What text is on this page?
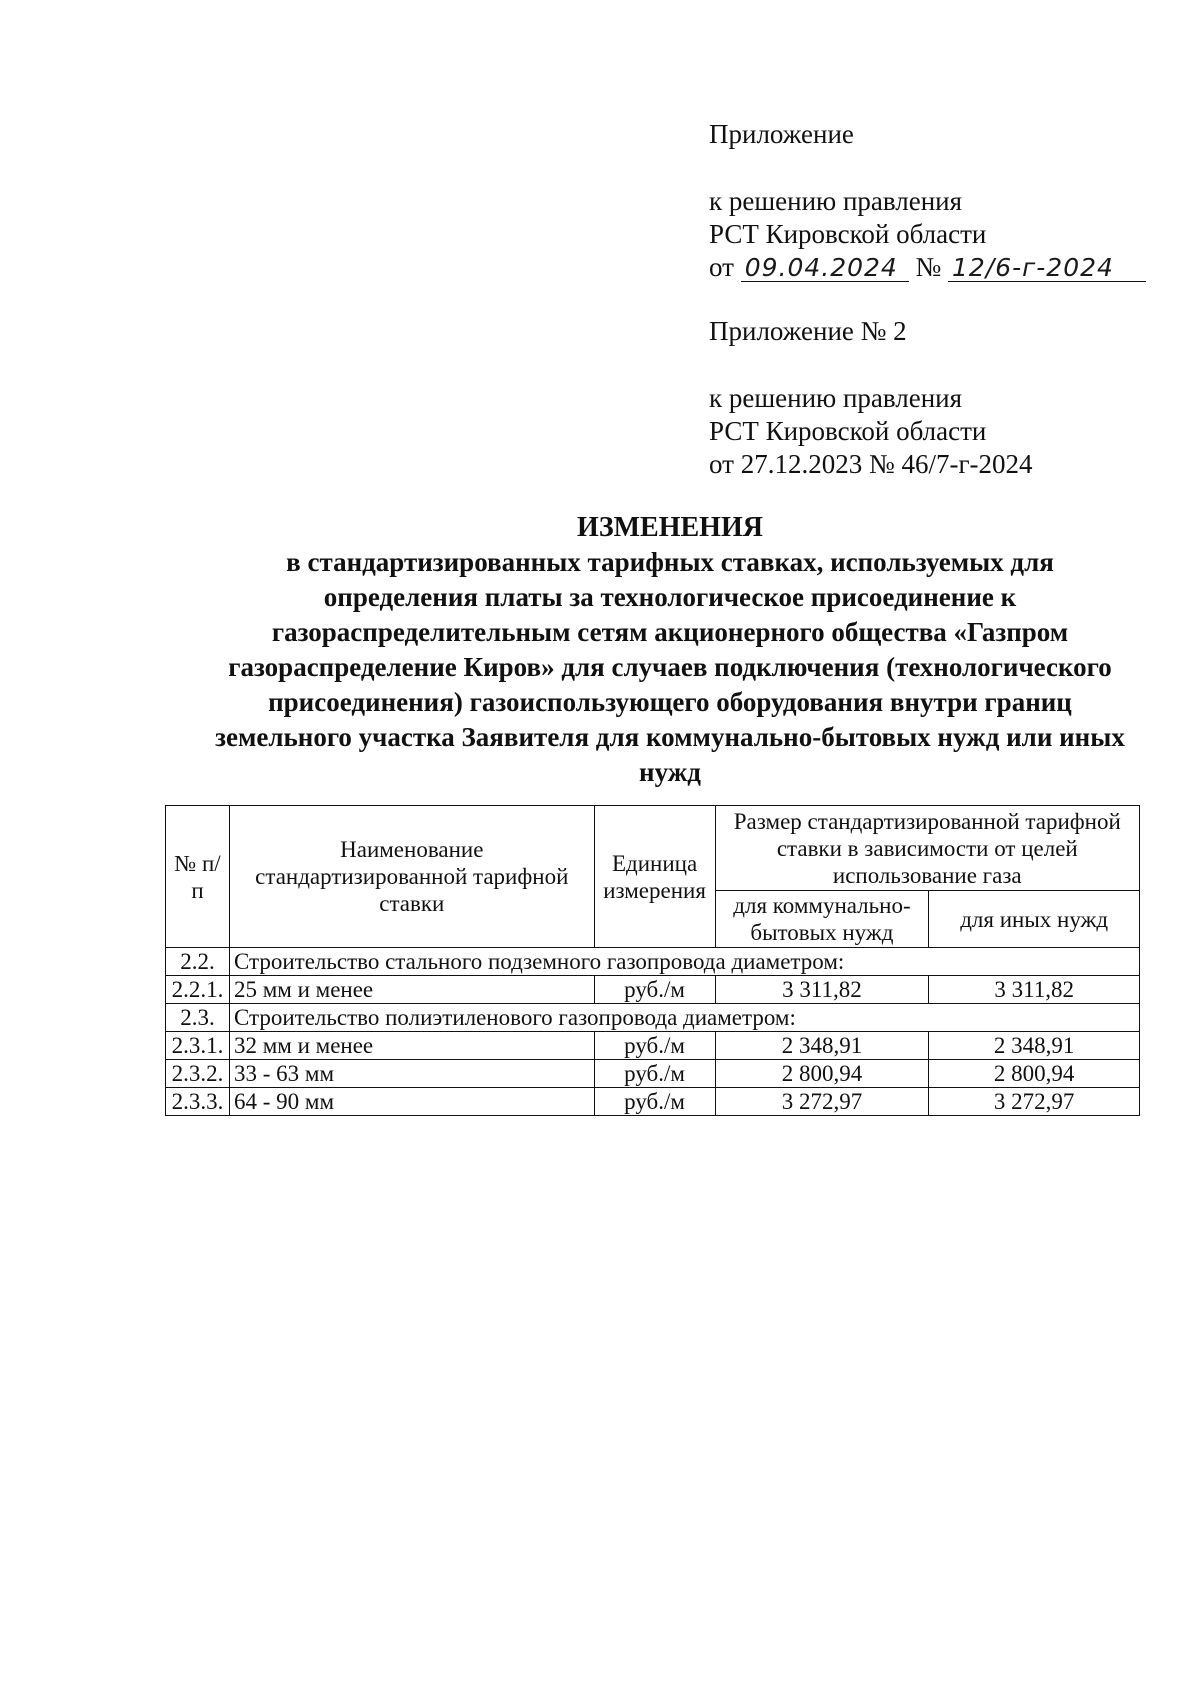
Приложение
к решению правления
РСТ Кировской области
от 09.04.2024 № 12/6-г-2024
Приложение № 2
к решению правления
РСТ Кировской области
от 27.12.2023 № 46/7-г-2024
ИЗМЕНЕНИЯ
в стандартизированных тарифных ставках, используемых для
определения платы за технологическое присоединение к
газораспределительным сетям акционерного общества «Газпром
газораспределение Киров» для случаев подключения (технологического
присоединения) газоиспользующего оборудования внутри границ
земельного участка Заявителя для коммунально-бытовых нужд или иных
нужд
№ п/п	Наименование стандартизированной тарифной ставки	Единица измерения	Размер стандартизированной тарифной ставки в зависимости от целей использование газа	
			для коммунально-бытовых нужд	для иных нужд
2.2.	Строительство стального подземного газопровода диаметром:			
2.2.1.	25 мм и менее	руб./м	3 311,82	3 311,82
2.3.	Строительство полиэтиленового газопровода диаметром:			
2.3.1.	32 мм и менее	руб./м	2 348,91	2 348,91
2.3.2.	33 - 63 мм	руб./м	2 800,94	2 800,94
2.3.3.	64 - 90 мм	руб./м	3 272,97	3 272,97
